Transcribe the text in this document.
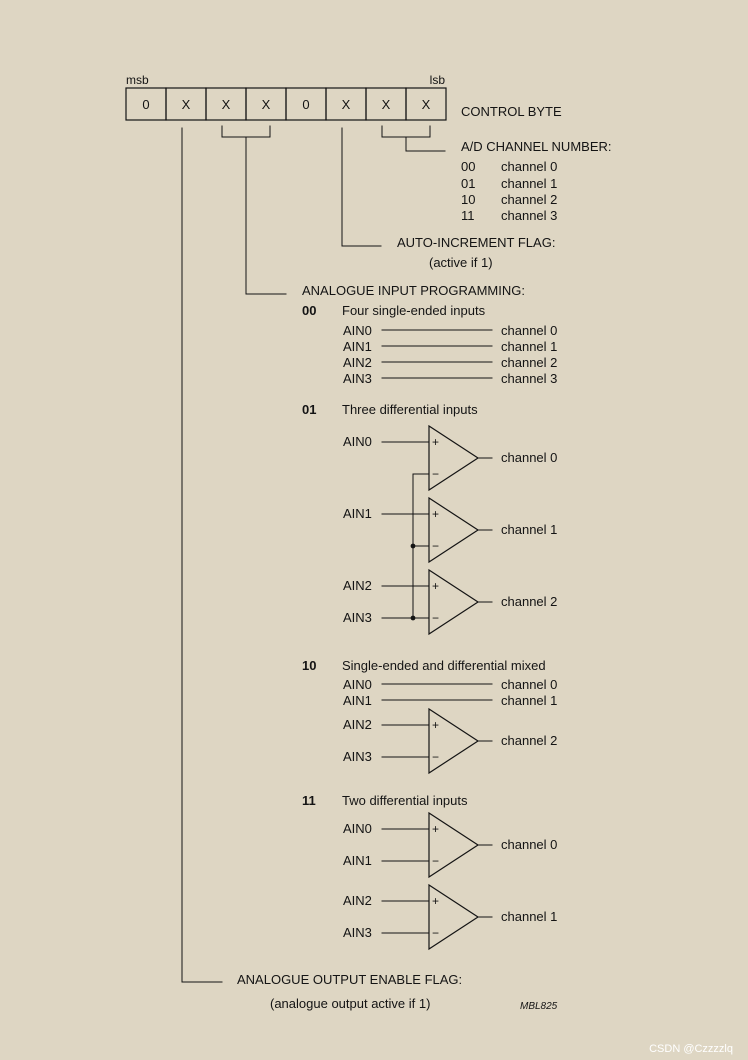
msb	lsb
0 X X X 0 X X X CONTROL BYTE
A/D CHANNEL NUMBER:
00 channel 0
01 channel 1
10 channel 2
11 channel 3
AUTO-INCREMENT FLAG:
(active if 1)
ANALOGUE INPUT PROGRAMMING:
00 Four single-ended inputs
AIN0
AIN1
AIN2
AIN3
channel 0
channel 1
channel 2
channel 3
01 Three differential inputs
AIN0
AIN1
AIN2
AIN3
+
−
+
−
+
−
channel 0
channel 1
channel 2
10 Single-ended and differential mixed
AIN0
AIN1
AIN2
AIN3
+
−
channel 0
channel 1
channel 2
11 Two differential inputs
AIN0
AIN1
AIN2
AIN3
+
−
+
−
channel 0
channel 1
ANALOGUE OUTPUT ENABLE FLAG:
(analogue output active if 1)	MBL825
CSDN @Czzzzlq
